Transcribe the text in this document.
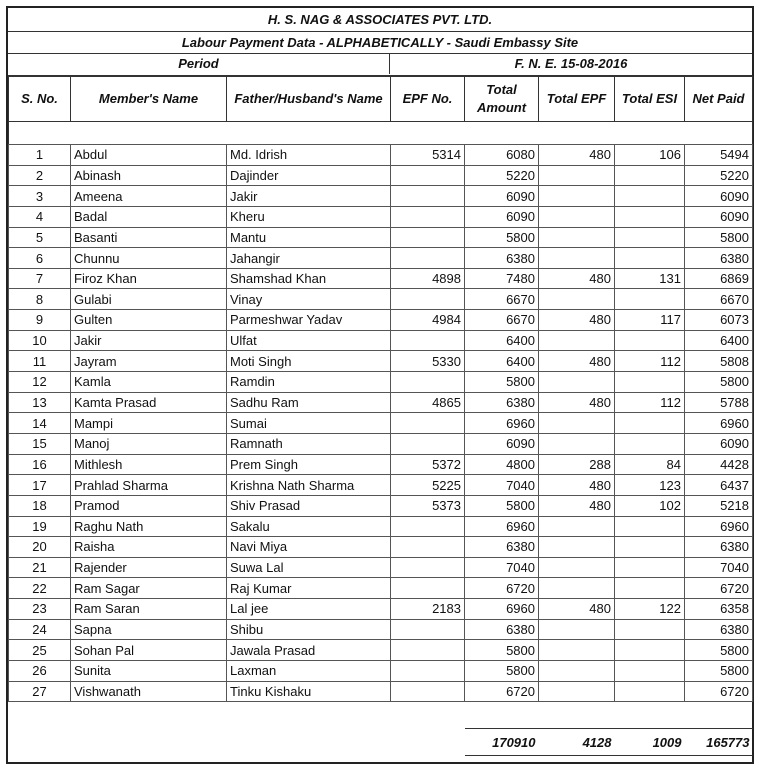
H. S. NAG & ASSOCIATES PVT. LTD.
Labour Payment Data - ALPHABETICALLY - Saudi Embassy Site
Period	F. N. E. 15-08-2016
S. No.	Member's Name	Father/Husband's Name	EPF No.	Total Amount	Total EPF	Total ESI	Net Paid

1	Abdul	Md. Idrish	5314	6080	480	106	5494
2	Abinash	Dajinder		5220			5220
3	Ameena	Jakir		6090			6090
4	Badal	Kheru		6090			6090
5	Basanti	Mantu		5800			5800
6	Chunnu	Jahangir		6380			6380
7	Firoz Khan	Shamshad Khan	4898	7480	480	131	6869
8	Gulabi	Vinay		6670			6670
9	Gulten	Parmeshwar Yadav	4984	6670	480	117	6073
10	Jakir	Ulfat		6400			6400
11	Jayram	Moti Singh	5330	6400	480	112	5808
12	Kamla	Ramdin		5800			5800
13	Kamta Prasad	Sadhu Ram	4865	6380	480	112	5788
14	Mampi	Sumai		6960			6960
15	Manoj	Ramnath		6090			6090
16	Mithlesh	Prem Singh	5372	4800	288	84	4428
17	Prahlad Sharma	Krishna Nath Sharma	5225	7040	480	123	6437
18	Pramod	Shiv Prasad	5373	5800	480	102	5218
19	Raghu Nath	Sakalu		6960			6960
20	Raisha	Navi Miya		6380			6380
21	Rajender	Suwa Lal		7040			7040
22	Ram Sagar	Raj Kumar		6720			6720
23	Ram Saran	Lal jee	2183	6960	480	122	6358
24	Sapna	Shibu		6380			6380
25	Sohan Pal	Jawala Prasad		5800			5800
26	Sunita	Laxman		5800			5800
27	Vishwanath	Tinku Kishaku		6720			6720

				170910	4128	1009	165773
